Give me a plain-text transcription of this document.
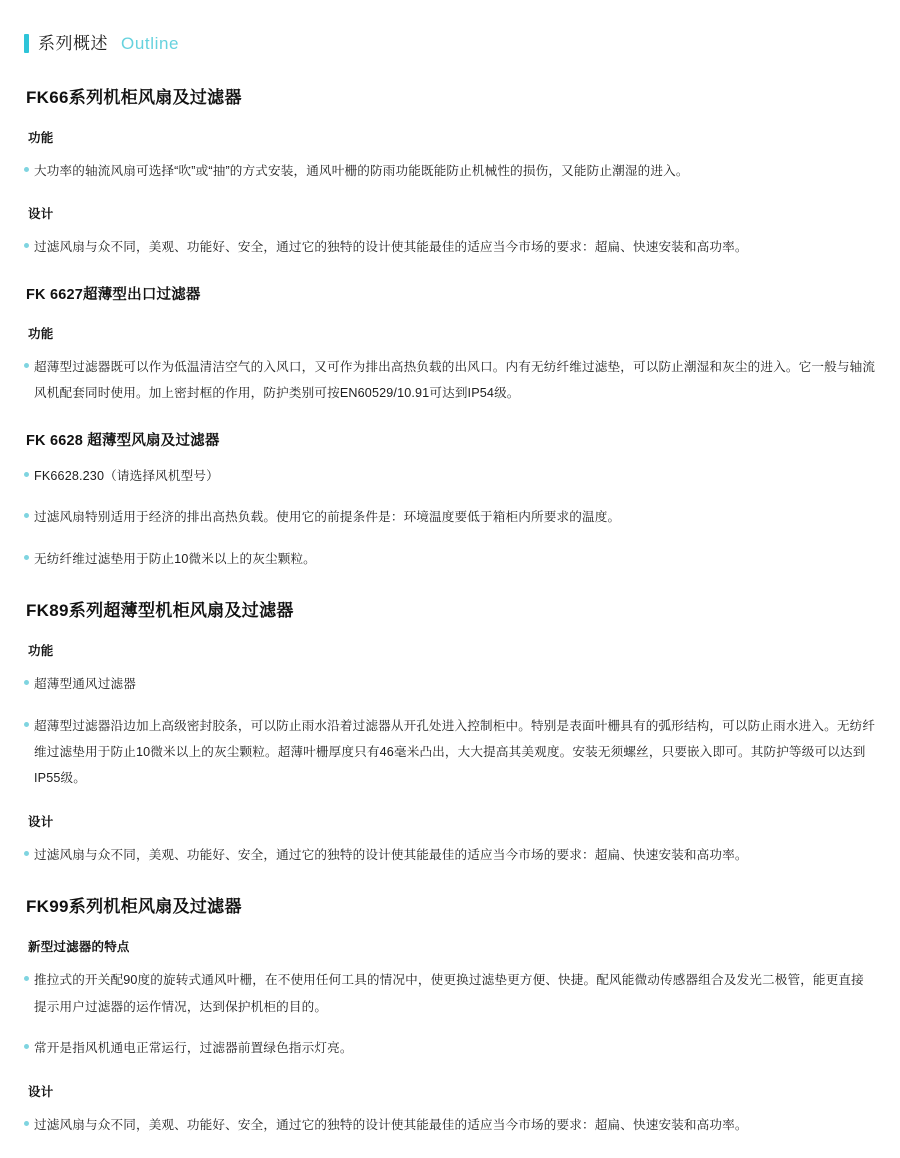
系列概述 Outline
FK66系列机柜风扇及过滤器
功能
大功率的轴流风扇可选择“吹”或“抽”的方式安装，通风叶栅的防雨功能既能防止机械性的损伤，又能防止潮湿的进入。
设计
过滤风扇与众不同，美观、功能好、安全，通过它的独特的设计使其能最佳的适应当今市场的要求：超扁、快速安装和高功率。
FK 6627超薄型出口过滤器
功能
超薄型过滤器既可以作为低温清洁空气的入风口，又可作为排出高热负载的出风口。内有无纺纤维过滤垫，可以防止潮湿和灰尘的进入。它一般与轴流风机配套同时使用。加上密封框的作用，防护类别可按EN60529/10.91可达到IP54级。
FK 6628 超薄型风扇及过滤器
FK6628.230（请选择风机型号）
过滤风扇特别适用于经济的排出高热负载。使用它的前提条件是：环境温度要低于箱柜内所要求的温度。
无纺纤维过滤垫用于防止10微米以上的灰尘颗粒。
FK89系列超薄型机柜风扇及过滤器
功能
超薄型通风过滤器
超薄型过滤器沿边加上高级密封胶条，可以防止雨水沿着过滤器从开孔处进入控制柜中。特别是表面叶栅具有的弧形结构，可以防止雨水进入。无纺纤维过滤垫用于防止10微米以上的灰尘颗粒。超薄叶栅厚度只有46毫米凸出，大大提高其美观度。安装无须螺丝，只要嵌入即可。其防护等级可以达到IP55级。
设计
过滤风扇与众不同，美观、功能好、安全，通过它的独特的设计使其能最佳的适应当今市场的要求：超扁、快速安装和高功率。
FK99系列机柜风扇及过滤器
新型过滤器的特点
推拉式的开关配90度的旋转式通风叶栅，在不使用任何工具的情况中，使更换过滤垫更方便、快捷。配风能微动传感器组合及发光二极管，能更直接提示用户过滤器的运作情况，达到保护机柜的目的。
常开是指风机通电正常运行，过滤器前置绿色指示灯亮。
设计
过滤风扇与众不同，美观、功能好、安全，通过它的独特的设计使其能最佳的适应当今市场的要求：超扁、快速安装和高功率。
